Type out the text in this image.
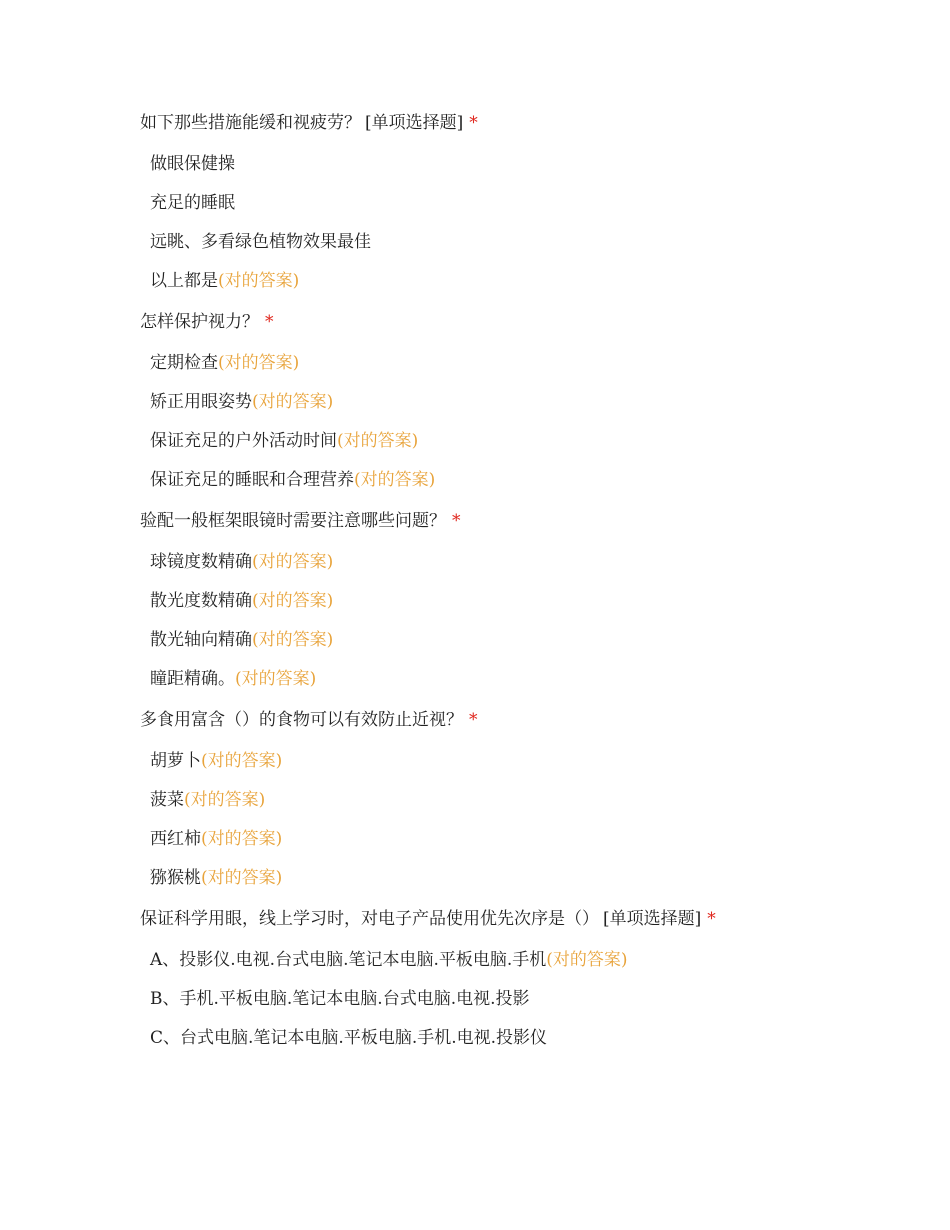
如下那些措施能缓和视疲劳？ [单项选择题] *
做眼保健操
充足的睡眠
远眺、多看绿色植物效果最佳
以上都是(对的答案)
怎样保护视力？ *
定期检查(对的答案)
矫正用眼姿势(对的答案)
保证充足的户外活动时间(对的答案)
保证充足的睡眠和合理营养(对的答案)
验配一般框架眼镜时需要注意哪些问题？ *
球镜度数精确(对的答案)
散光度数精确(对的答案)
散光轴向精确(对的答案)
瞳距精确。(对的答案)
多食用富含（）的食物可以有效防止近视？ *
胡萝卜(对的答案)
菠菜(对的答案)
西红柿(对的答案)
猕猴桃(对的答案)
保证科学用眼，线上学习时，对电子产品使用优先次序是（） [单项选择题] *
A、投影仪.电视.台式电脑.笔记本电脑.平板电脑.手机(对的答案)
B、手机.平板电脑.笔记本电脑.台式电脑.电视.投影
C、台式电脑.笔记本电脑.平板电脑.手机.电视.投影仪
